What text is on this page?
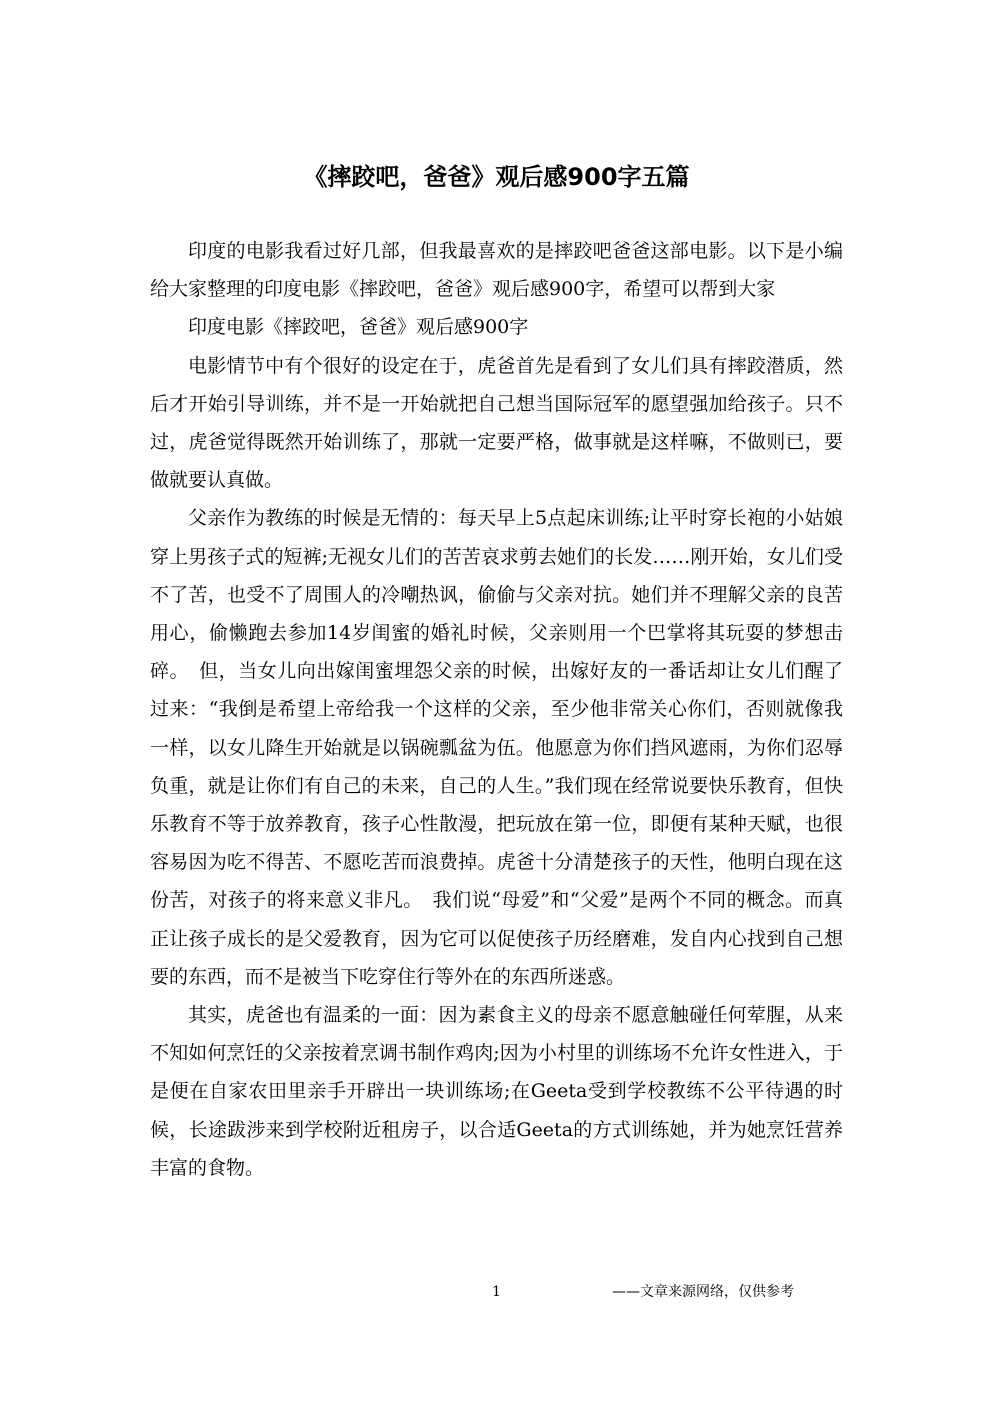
《摔跤吧，爸爸》观后感900字五篇

印度的电影我看过好几部，但我最喜欢的是摔跤吧爸爸这部电影。以下是小编给大家整理的印度电影《摔跤吧，爸爸》观后感900字，希望可以帮到大家

印度电影《摔跤吧，爸爸》观后感900字

电影情节中有个很好的设定在于，虎爸首先是看到了女儿们具有摔跤潜质，然后才开始引导训练，并不是一开始就把自己想当国际冠军的愿望强加给孩子。只不过，虎爸觉得既然开始训练了，那就一定要严格，做事就是这样嘛，不做则已，要做就要认真做。

父亲作为教练的时候是无情的：每天早上5点起床训练;让平时穿长袍的小姑娘穿上男孩子式的短裤;无视女儿们的苦苦哀求剪去她们的长发……刚开始，女儿们受不了苦，也受不了周围人的冷嘲热讽，偷偷与父亲对抗。她们并不理解父亲的良苦用心，偷懒跑去参加14岁闺蜜的婚礼时候，父亲则用一个巴掌将其玩耍的梦想击碎。　但，当女儿向出嫁闺蜜埋怨父亲的时候，出嫁好友的一番话却让女儿们醒了过来：“我倒是希望上帝给我一个这样的父亲，至少他非常关心你们，否则就像我一样，以女儿降生开始就是以锅碗瓢盆为伍。他愿意为你们挡风遮雨，为你们忍辱负重，就是让你们有自己的未来，自己的人生。”我们现在经常说要快乐教育，但快乐教育不等于放养教育，孩子心性散漫，把玩放在第一位，即便有某种天赋，也很容易因为吃不得苦、不愿吃苦而浪费掉。虎爸十分清楚孩子的天性，他明白现在这份苦，对孩子的将来意义非凡。　我们说“母爱”和“父爱”是两个不同的概念。而真正让孩子成长的是父爱教育，因为它可以促使孩子历经磨难，发自内心找到自己想要的东西，而不是被当下吃穿住行等外在的东西所迷惑。

其实，虎爸也有温柔的一面：因为素食主义的母亲不愿意触碰任何荤腥，从来不知如何烹饪的父亲按着烹调书制作鸡肉;因为小村里的训练场不允许女性进入，于是便在自家农田里亲手开辟出一块训练场;在Geeta受到学校教练不公平待遇的时候，长途跋涉来到学校附近租房子，以合适Geeta的方式训练她，并为她烹饪营养丰富的食物。

1	——文章来源网络，仅供参考
